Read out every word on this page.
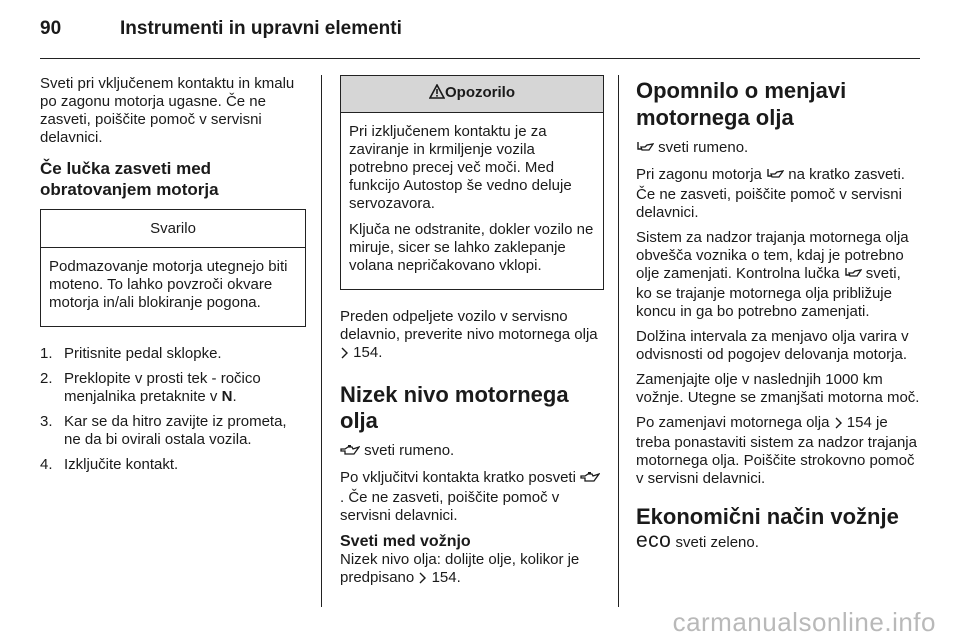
90	Instrumenti in upravni elementi

Sveti pri vključenem kontaktu in kmalu po zagonu motorja ugasne. Če ne zasveti, poiščite pomoč v servisni delavnici.

Če lučka zasveti med obratovanjem motorja
Svarilo

Podmazovanje motorja utegnejo biti moteno. To lahko povzroči okvare motorja in/ali blokiranje pogona.

1. Pritisnite pedal sklopke.
2. Preklopite v prosti tek - ročico menjalnika pretaknite v N.
3. Kar se da hitro zavijte iz prometa, ne da bi ovirali ostala vozila.
4. Izključite kontakt.
Opozorilo

Pri izključenem kontaktu je za zaviranje in krmiljenje vozila potrebno precej več moči. Med funkcijo Autostop še vedno deluje servozavora.

Ključa ne odstranite, dokler vozilo ne miruje, sicer se lahko zaklepanje volana nepričakovano vklopi.

Preden odpeljete vozilo v servisno delavnio, preverite nivo motornega olja  154.

Nizek nivo motornega olja

sveti rumeno.

Po vključitvi kontakta kratko posveti . Če ne zasveti, poiščite pomoč v servisni delavnici.

Sveti med vožnjo

Nizek nivo olja: dolijte olje, kolikor je predpisano 154.

Opomnilo o menjavi motornega olja

sveti rumeno.

Pri zagonu motorja na kratko zasveti. Če ne zasveti, poiščite pomoč v servisni delavnici.

Sistem za nadzor trajanja motornega olja obvešča voznika o tem, kdaj je potrebno olje zamenjati. Kontrolna lučka sveti, ko se trajanje motornega olja približuje koncu in ga bo potrebno zamenjati.

Dolžina intervala za menjavo olja varira v odvisnosti od pogojev delovanja motorja.

Zamenjajte olje v naslednjih 1000 km vožnje. Utegne se zmanjšati motorna moč.

Po zamenjavi motornega olja 154 je treba ponastaviti sistem za nadzor trajanja motornega olja. Poiščite strokovno pomoč v servisni delavnici.

Ekonomični način vožnje

eco sveti zeleno.

carmanualsonline.info
